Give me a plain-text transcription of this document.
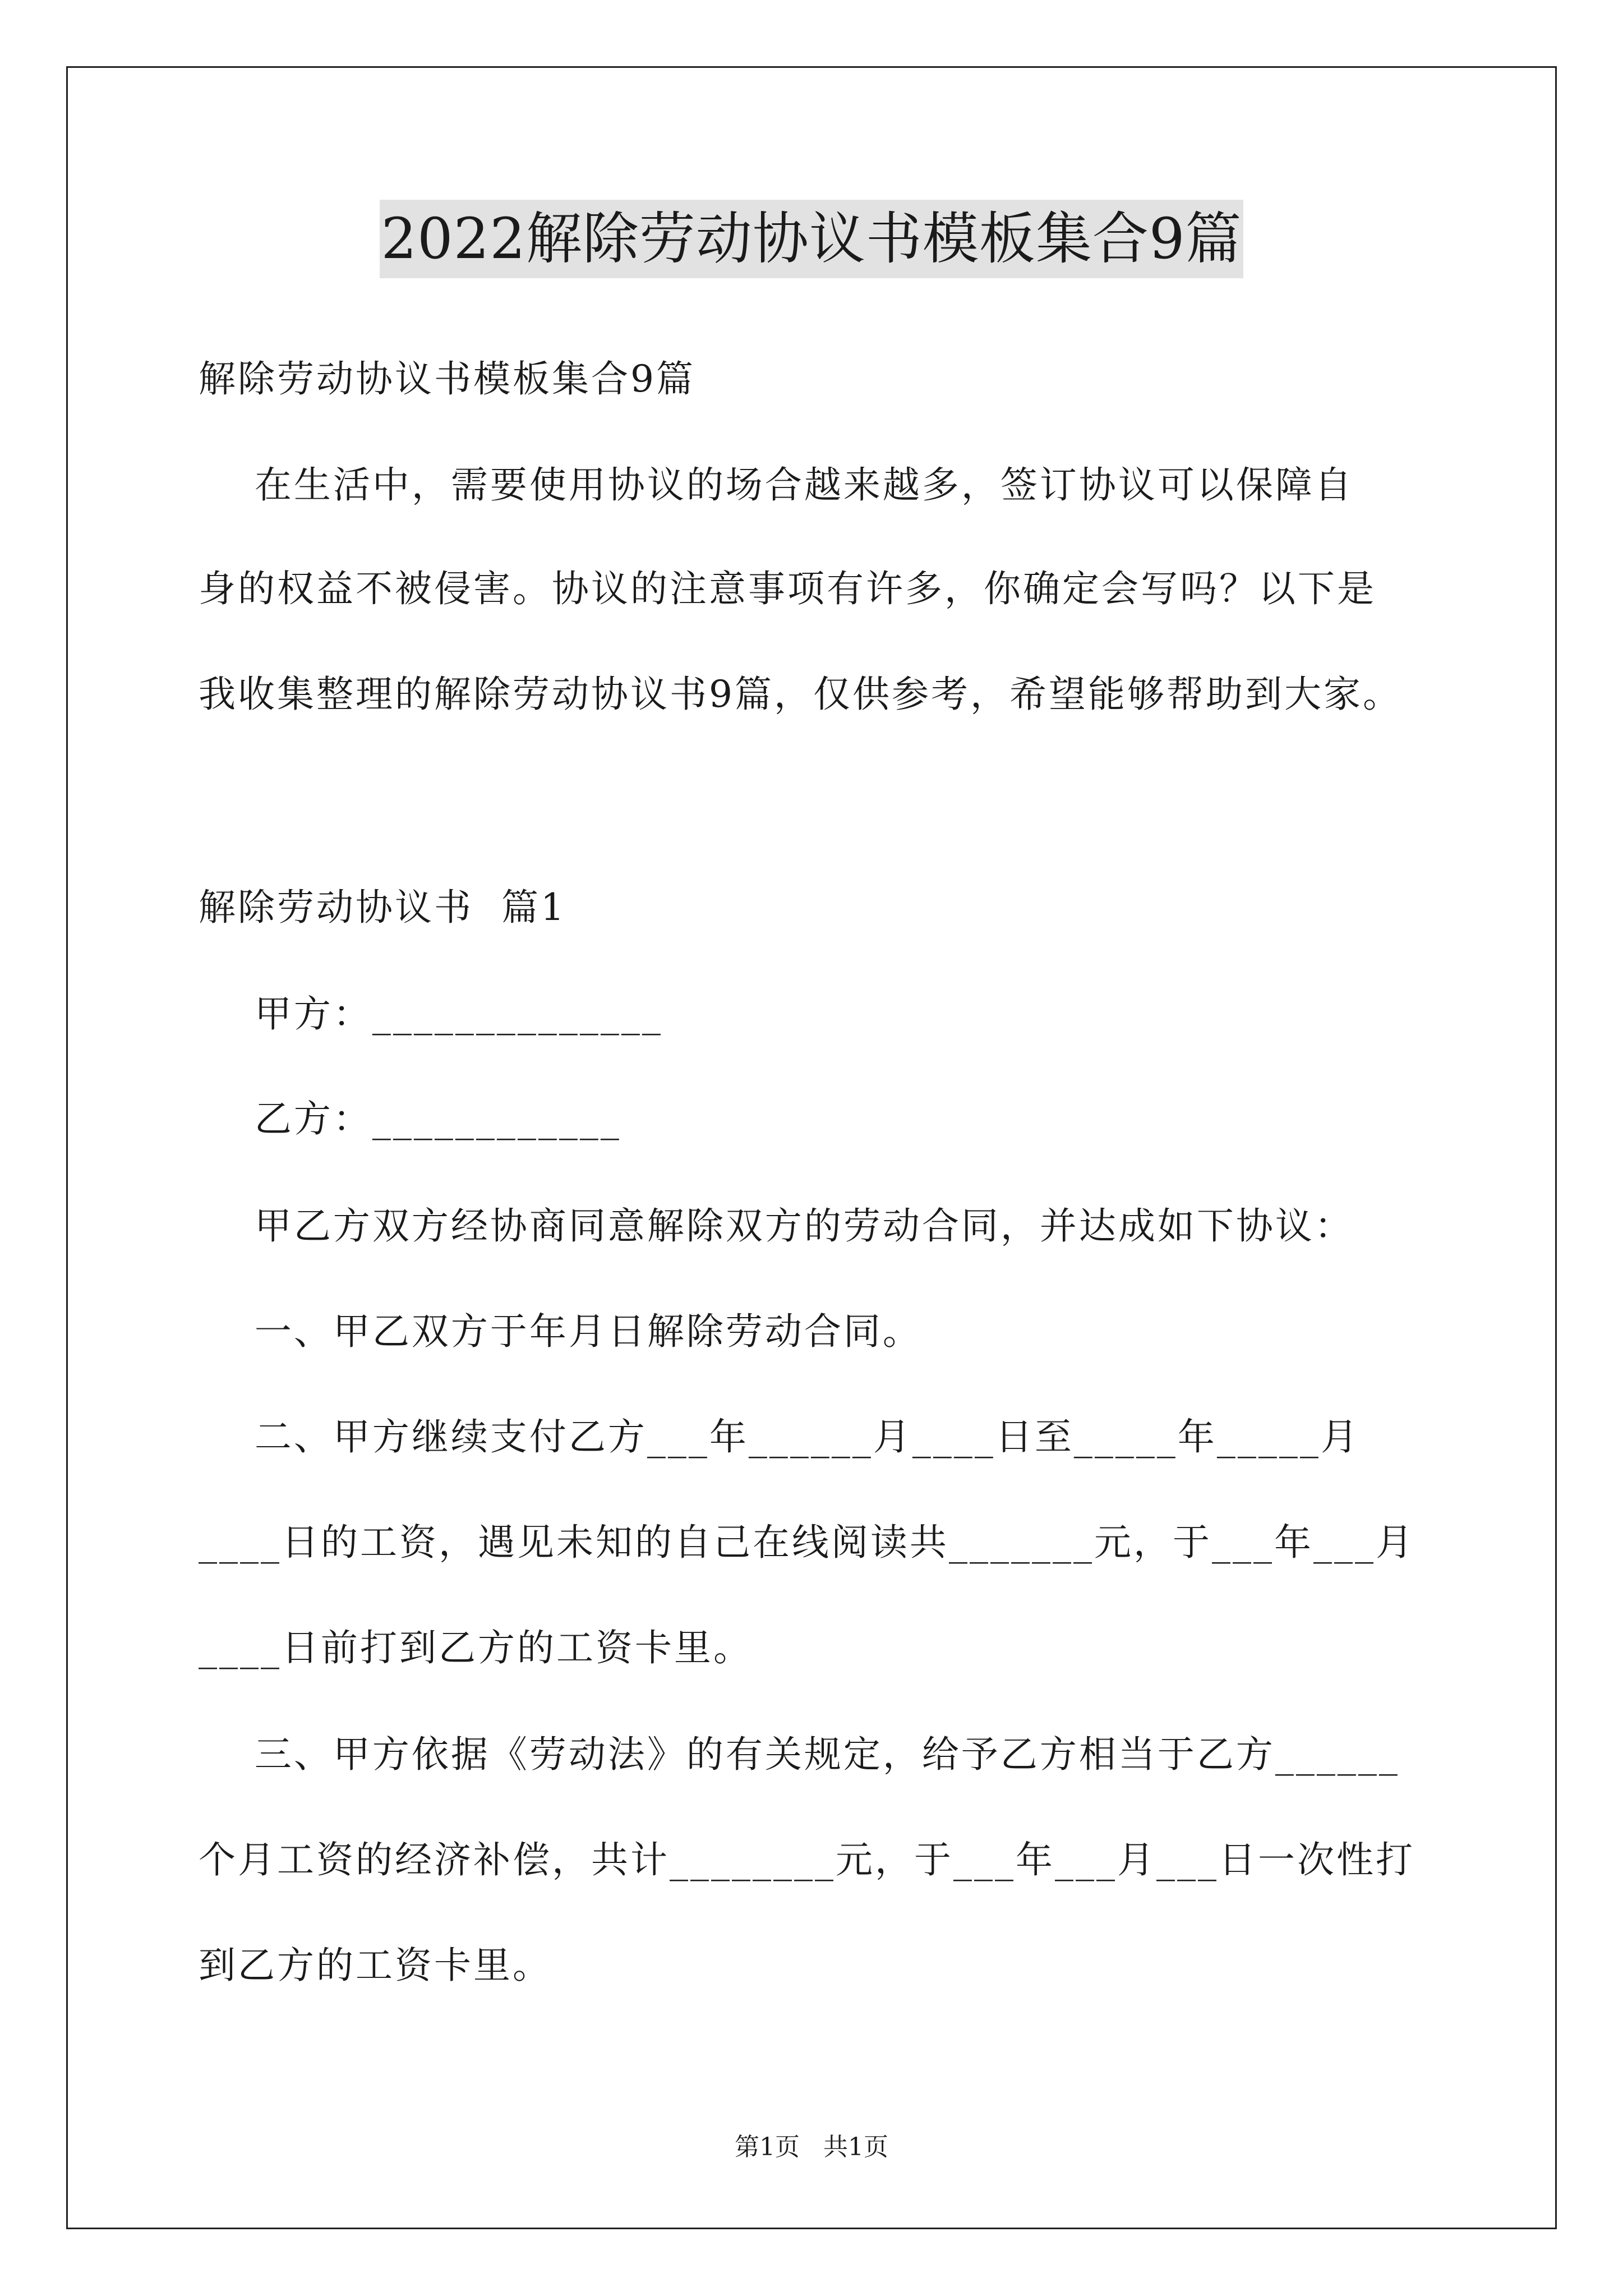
2022解除劳动协议书模板集合9篇
解除劳动协议书模板集合9篇
在生活中，需要使用协议的场合越来越多，签订协议可以保障自
身的权益不被侵害。协议的注意事项有许多，你确定会写吗？以下是
我收集整理的解除劳动协议书9篇，仅供参考，希望能够帮助到大家。
解除劳动协议书  篇1
甲方：______________
乙方：____________
甲乙方双方经协商同意解除双方的劳动合同，并达成如下协议：
一、甲乙双方于年月日解除劳动合同。
二、甲方继续支付乙方___年______月____日至_____年_____月
____日的工资，遇见未知的自己在线阅读共_______元，于___年___月
____日前打到乙方的工资卡里。
三、甲方依据《劳动法》的有关规定，给予乙方相当于乙方______
个月工资的经济补偿，共计________元，于___年___月___日一次性打
到乙方的工资卡里。
第1页   共1页
